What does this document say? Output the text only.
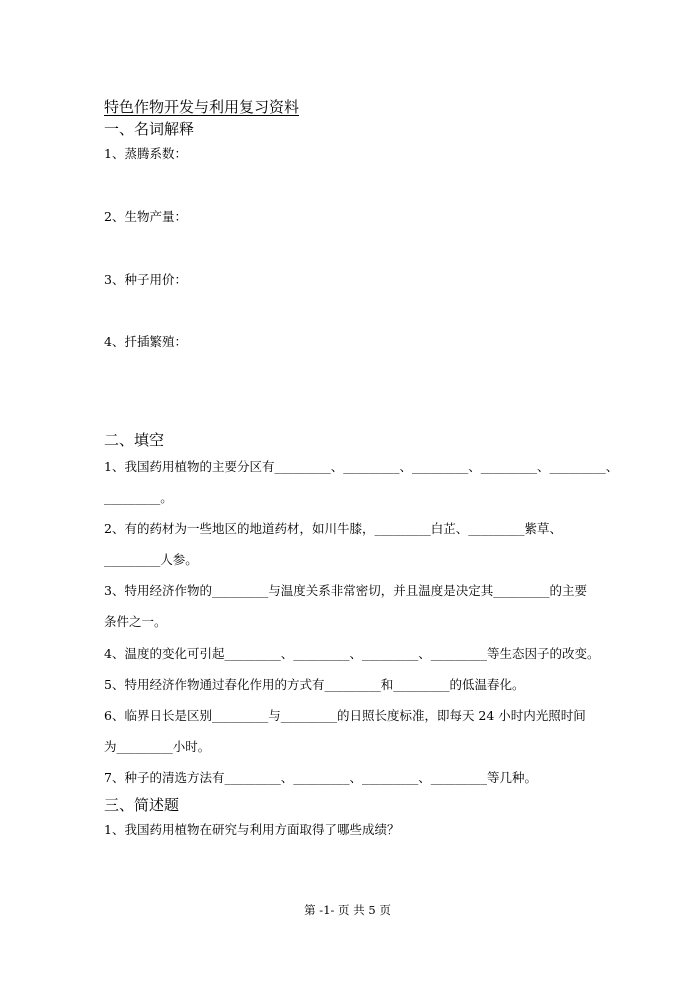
特色作物开发与利用复习资料
一、名词解释
1、蒸腾系数：
2、生物产量：
3、种子用价：
4、扦插繁殖：
二、填空
1、我国药用植物的主要分区有_________、_________、_________、_________、_________、
_________。
2、有的药材为一些地区的地道药材，如川牛膝，_________白芷、_________紫草、
_________人参。
3、特用经济作物的_________与温度关系非常密切，并且温度是决定其_________的主要
条件之一。
4、温度的变化可引起_________、_________、_________、_________等生态因子的改变。
5、特用经济作物通过春化作用的方式有_________和_________的低温春化。
6、临界日长是区别_________与_________的日照长度标准，即每天 24 小时内光照时间
为_________小时。
7、种子的清选方法有_________、_________、_________、_________等几种。
三、简述题
1、我国药用植物在研究与利用方面取得了哪些成绩？
第 -1- 页 共 5 页
